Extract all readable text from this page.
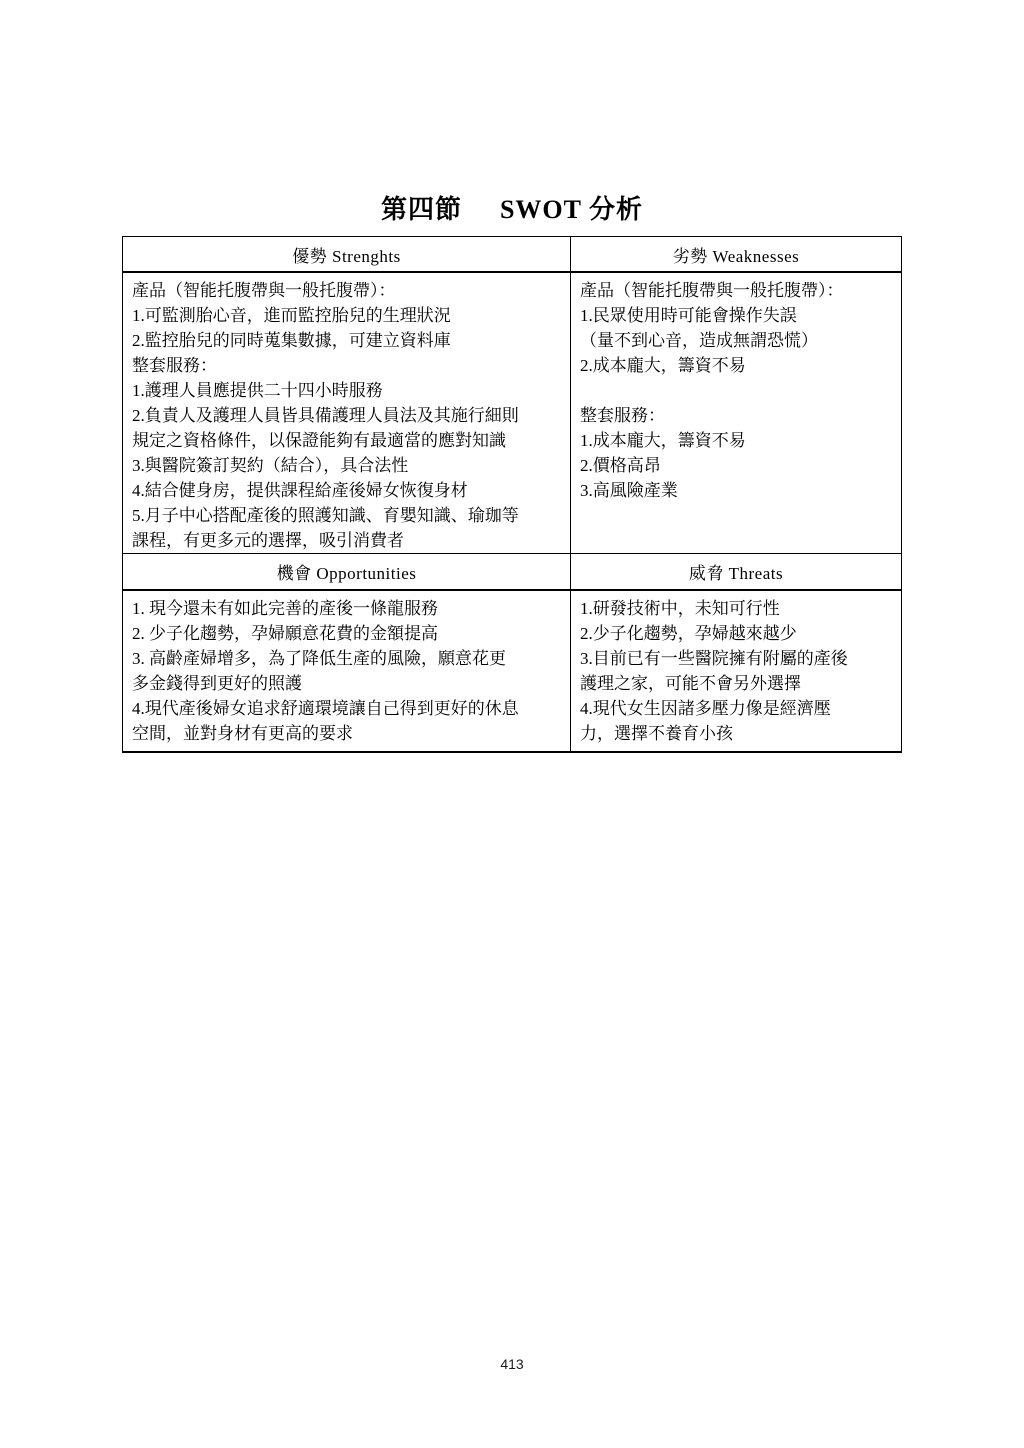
第四節 SWOT 分析
優勢 Strenghts	劣勢 Weaknesses
產品（智能托腹帶與一般托腹帶）：
1.可監測胎心音，進而監控胎兒的生理狀況
2.監控胎兒的同時蒐集數據，可建立資料庫
整套服務：
1.護理人員應提供二十四小時服務
2.負責人及護理人員皆具備護理人員法及其施行細則
規定之資格條件，以保證能夠有最適當的應對知識
3.與醫院簽訂契約（結合），具合法性
4.結合健身房，提供課程給產後婦女恢復身材
5.月子中心搭配產後的照護知識、育嬰知識、瑜珈等
課程，有更多元的選擇，吸引消費者
產品（智能托腹帶與一般托腹帶）：
1.民眾使用時可能會操作失誤
（量不到心音，造成無謂恐慌）
2.成本龐大，籌資不易

整套服務：
1.成本龐大，籌資不易
2.價格高昂
3.高風險產業
機會 Opportunities	威脅 Threats
1. 現今還未有如此完善的產後一條龍服務
2. 少子化趨勢，孕婦願意花費的金額提高
3. 高齡產婦增多，為了降低生產的風險，願意花更
多金錢得到更好的照護
4.現代產後婦女追求舒適環境讓自己得到更好的休息
空間，並對身材有更高的要求
1.研發技術中，未知可行性
2.少子化趨勢，孕婦越來越少
3.目前已有一些醫院擁有附屬的產後
護理之家，可能不會另外選擇
4.現代女生因諸多壓力像是經濟壓
力，選擇不養育小孩
413
